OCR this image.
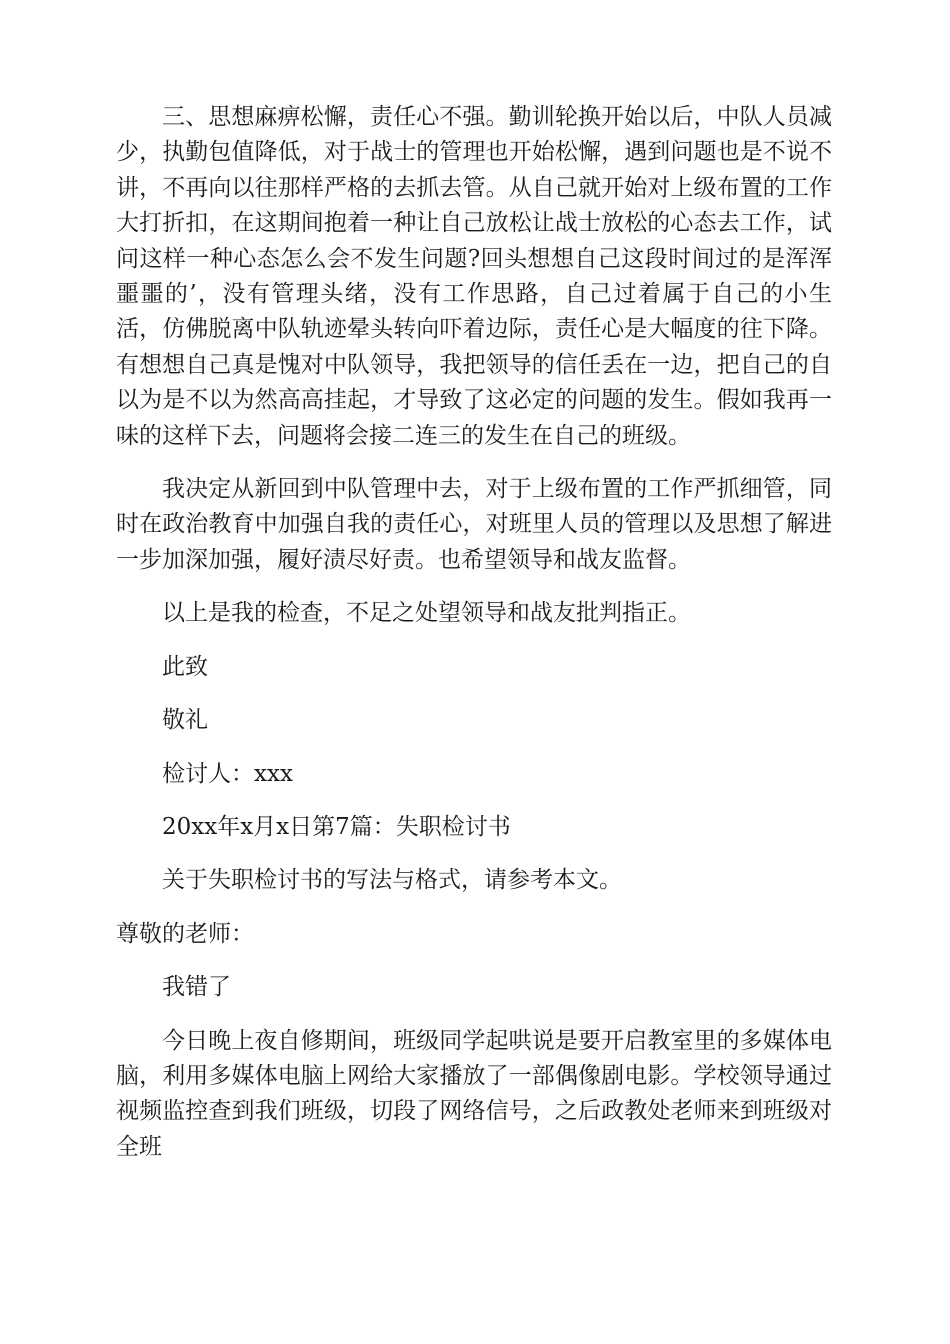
三、思想麻痹松懈，责任心不强。勤训轮换开始以后，中队人员减少，执勤包值降低，对于战士的管理也开始松懈，遇到问题也是不说不讲，不再向以往那样严格的去抓去管。从自己就开始对上级布置的工作大打折扣，在这期间抱着一种让自己放松让战士放松的心态去工作，试问这样一种心态怎么会不发生问题?回头想想自己这段时间过的是浑浑噩噩的’，没有管理头绪，没有工作思路，自己过着属于自己的小生活，仿佛脱离中队轨迹晕头转向吓着边际，责任心是大幅度的往下降。有想想自己真是愧对中队领导，我把领导的信任丢在一边，把自己的自以为是不以为然高高挂起，才导致了这必定的问题的发生。假如我再一味的这样下去，问题将会接二连三的发生在自己的班级。

我决定从新回到中队管理中去，对于上级布置的工作严抓细管，同时在政治教育中加强自我的责任心，对班里人员的管理以及思想了解进一步加深加强，履好渍尽好责。也希望领导和战友监督。

以上是我的检查，不足之处望领导和战友批判指正。

此致

敬礼

检讨人：xxx

20xx年x月x日第7篇：失职检讨书

关于失职检讨书的写法与格式，请参考本文。

尊敬的老师：

我错了

今日晚上夜自修期间，班级同学起哄说是要开启教室里的多媒体电脑，利用多媒体电脑上网给大家播放了一部偶像剧电影。学校领导通过视频监控查到我们班级，切段了网络信号，之后政教处老师来到班级对全班
